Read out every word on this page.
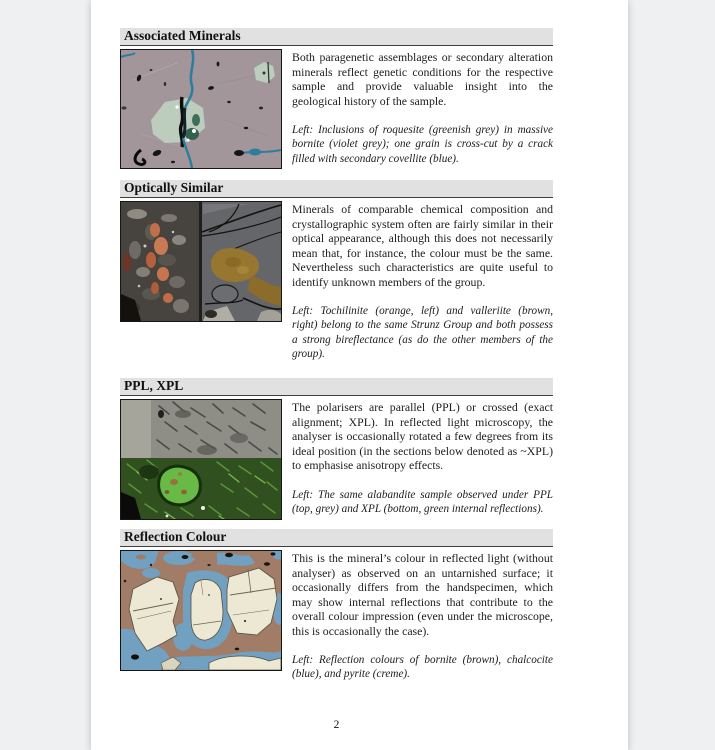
Associated Minerals

Both paragenetic assemblages or secondary alteration minerals reflect genetic conditions for the respective sample and provide valuable insight into the geological history of the sample.

Left: Inclusions of roquesite (greenish grey) in massive bornite (violet grey); one grain is cross-cut by a crack filled with secondary covellite (blue).

Optically Similar

Minerals of comparable chemical composition and crystallographic system often are fairly similar in their optical appearance, although this does not necessarily mean that, for instance, the colour must be the same. Nevertheless such characteristics are quite useful to identify unknown members of the group.

Left: Tochilinite (orange, left) and valleriite (brown, right) belong to the same Strunz Group and both possess a strong bireflectance (as do the other members of the group).

PPL, XPL

The polarisers are parallel (PPL) or crossed (exact alignment; XPL). In reflected light microscopy, the analyser is occasionally rotated a few degrees from its ideal position (in the sections below denoted as ~XPL) to emphasise anisotropy effects.

Left: The same alabandite sample observed under PPL (top, grey) and XPL (bottom, green internal reflections).

Reflection Colour

This is the mineral’s colour in reflected light (without analyser) as observed on an untarnished surface; it occasionally differs from the handspecimen, which may show internal reflections that contribute to the overall colour impression (even under the microscope, this is occasionally the case).

Left: Reflection colours of bornite (brown), chalcocite (blue), and pyrite (creme).

2
